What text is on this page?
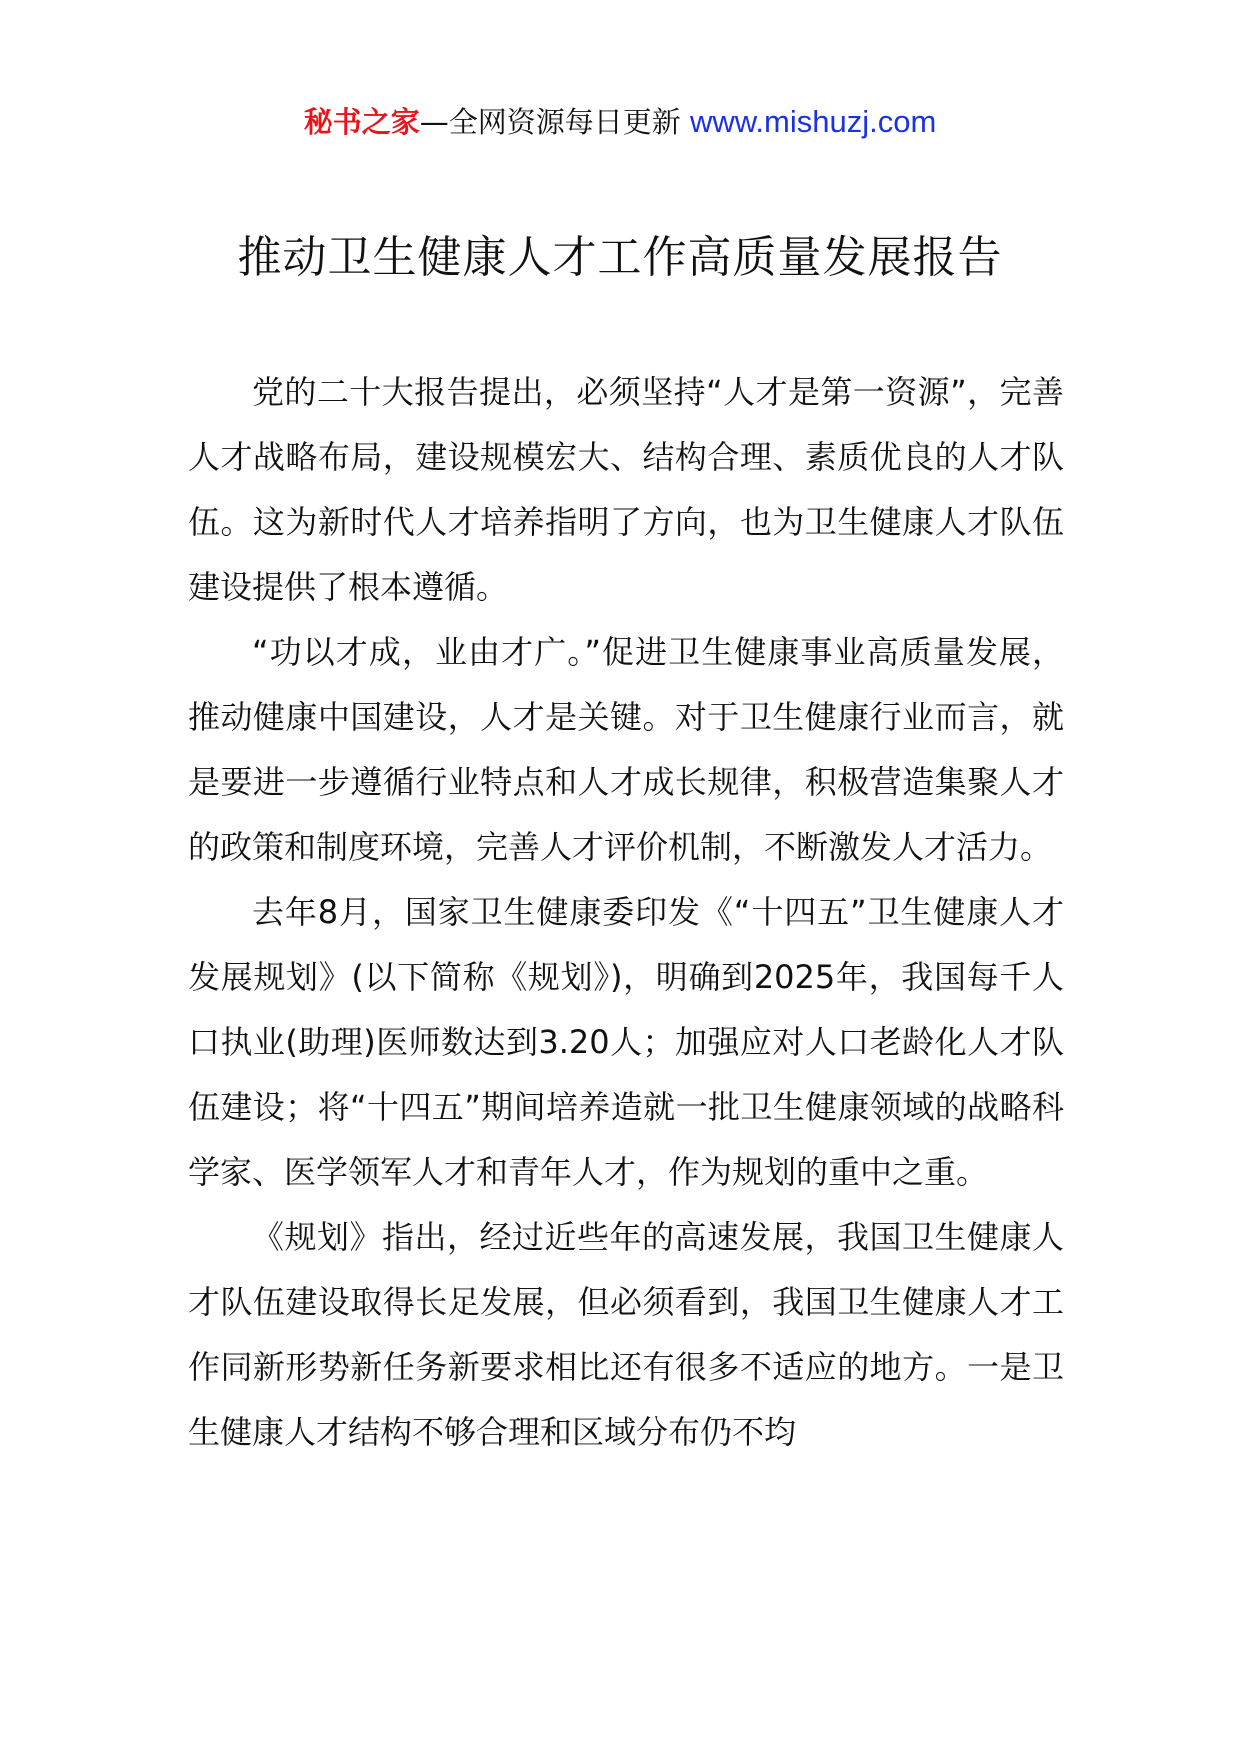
秘书之家—全网资源每日更新 www.mishuzj.com
推动卫生健康人才工作高质量发展报告

党的二十大报告提出，必须坚持“人才是第一资源”，完善人才战略布局，建设规模宏大、结构合理、素质优良的人才队伍。这为新时代人才培养指明了方向，也为卫生健康人才队伍建设提供了根本遵循。

“功以才成，业由才广。”促进卫生健康事业高质量发展，推动健康中国建设，人才是关键。对于卫生健康行业而言，就是要进一步遵循行业特点和人才成长规律，积极营造集聚人才的政策和制度环境，完善人才评价机制，不断激发人才活力。

去年8月，国家卫生健康委印发《“十四五”卫生健康人才发展规划》(以下简称《规划》)，明确到2025年，我国每千人口执业(助理)医师数达到3.20人；加强应对人口老龄化人才队伍建设；将“十四五”期间培养造就一批卫生健康领域的战略科学家、医学领军人才和青年人才，作为规划的重中之重。

《规划》指出，经过近些年的高速发展，我国卫生健康人才队伍建设取得长足发展，但必须看到，我国卫生健康人才工作同新形势新任务新要求相比还有很多不适应的地方。一是卫生健康人才结构不够合理和区域分布仍不均
